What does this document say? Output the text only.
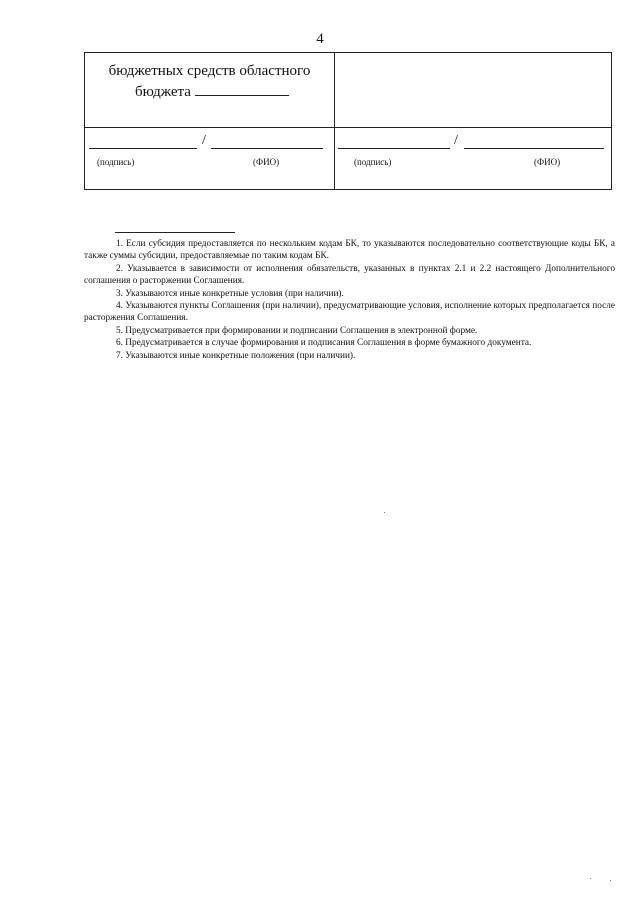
4
бюджетных средств областного
бюджета
/
(подпись)	(ФИО)
/
(подпись)	(ФИО)

1. Если субсидия предоставляется по нескольким кодам БК, то указываются последовательно соответствующие коды БК, а также суммы субсидии, предоставляемые по таким кодам БК.

2. Указывается в зависимости от исполнения обязательств, указанных в пунктах 2.1 и 2.2 настоящего Дополнительного соглашения о расторжении Соглашения.

3. Указываются иные конкретные условия (при наличии).

4. Указываются пункты Соглашения (при наличии), предусматривающие условия, исполнение которых предполагается после расторжения Соглашения.

5. Предусматривается при формировании и подписании Соглашения в электронной форме.

6. Предусматривается в случае формирования и подписания Соглашения в форме бумажного документа.

7. Указываются иные конкретные положения (при наличии).
